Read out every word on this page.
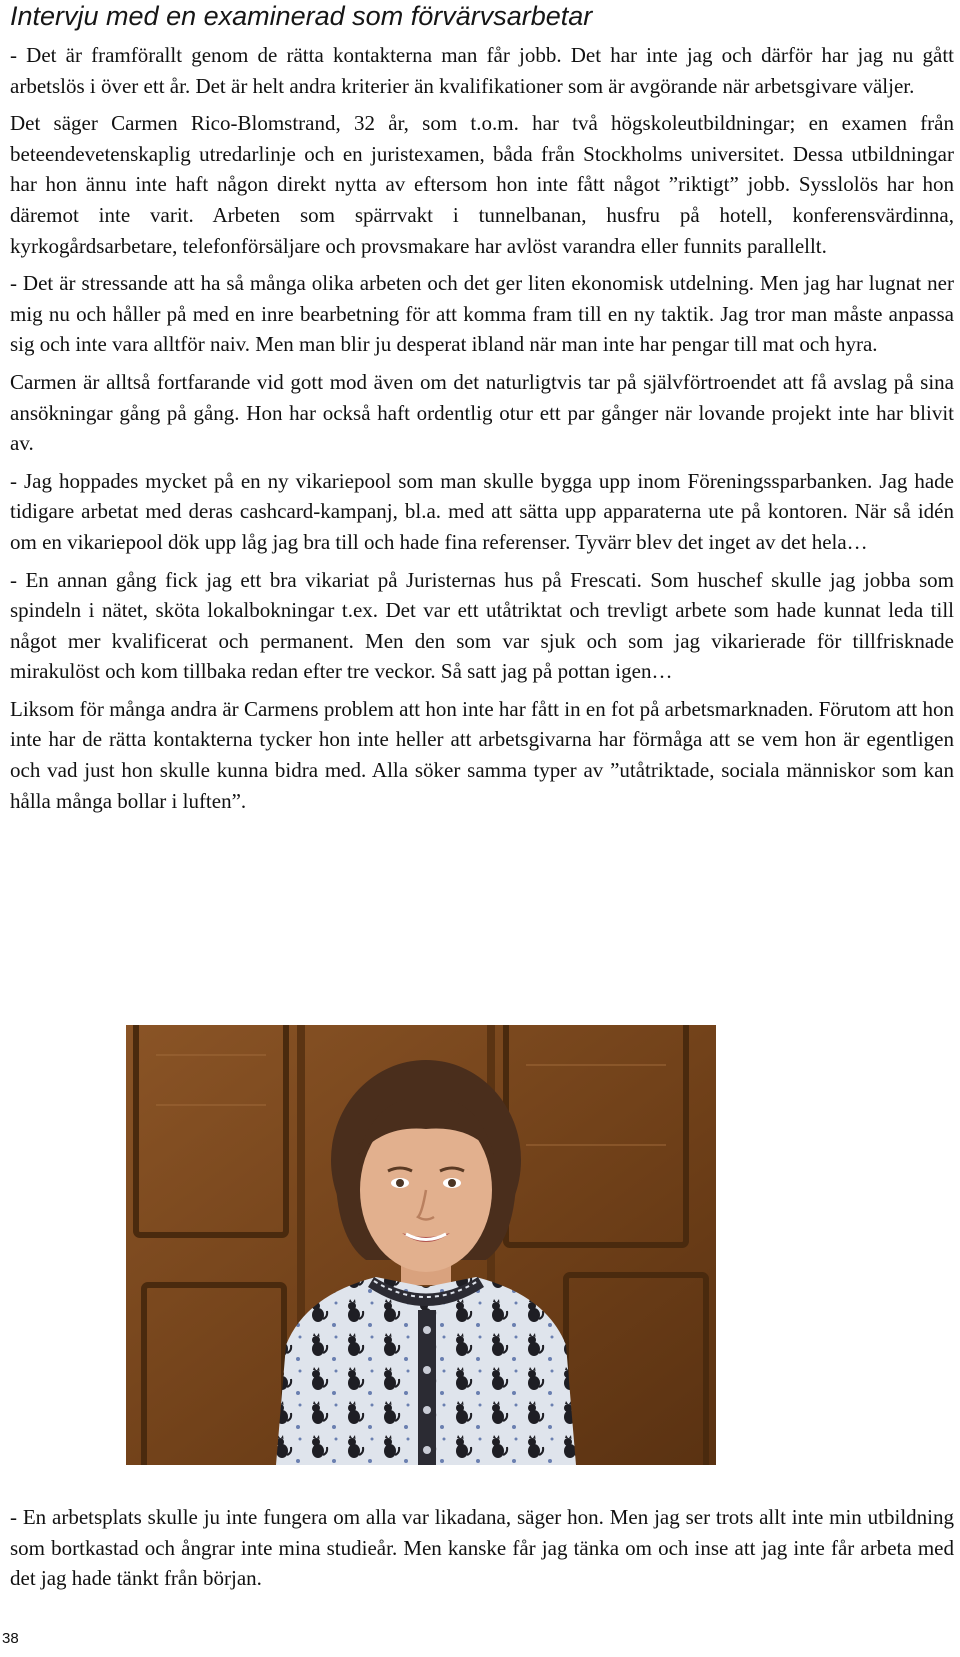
Intervju med en examinerad som förvärvsarbetar

- Det är framförallt genom de rätta kontakterna man får jobb. Det har inte jag och därför har jag nu gått arbetslös i över ett år. Det är helt andra kriterier än kvalifikationer som är avgörande när arbetsgivare väljer.

Det säger Carmen Rico-Blomstrand, 32 år, som t.o.m. har två högskoleutbildningar; en examen från beteendevetenskaplig utredarlinje och en juristexamen, båda från Stockholms universitet. Dessa utbildningar har hon ännu inte haft någon direkt nytta av eftersom hon inte fått något ”riktigt” jobb. Sysslolös har hon däremot inte varit. Arbeten som spärrvakt i tunnelbanan, husfru på hotell, konferensvärdinna, kyrkogårdsarbetare, telefonförsäljare och provsmakare har avlöst varandra eller funnits parallellt.

- Det är stressande att ha så många olika arbeten och det ger liten ekonomisk utdelning. Men jag har lugnat ner mig nu och håller på med en inre bearbetning för att komma fram till en ny taktik. Jag tror man måste anpassa sig och inte vara alltför naiv. Men man blir ju desperat ibland när man inte har pengar till mat och hyra.

Carmen är alltså fortfarande vid gott mod även om det naturligtvis tar på självförtroendet att få avslag på sina ansökningar gång på gång. Hon har också haft ordentlig otur ett par gånger när lovande projekt inte har blivit av.

- Jag hoppades mycket på en ny vikariepool som man skulle bygga upp inom Föreningssparbanken. Jag hade tidigare arbetat med deras cashcard-kampanj, bl.a. med att sätta upp apparaterna ute på kontoren. När så idén om en vikariepool dök upp låg jag bra till och hade fina referenser. Tyvärr blev det inget av det hela…

- En annan gång fick jag ett bra vikariat på Juristernas hus på Frescati. Som huschef skulle jag jobba som spindeln i nätet, sköta lokalbokningar t.ex. Det var ett utåtriktat och trevligt arbete som hade kunnat leda till något mer kvalificerat och permanent. Men den som var sjuk och som jag vikarierade för tillfrisknade mirakulöst och kom tillbaka redan efter tre veckor. Så satt jag på pottan igen…

Liksom för många andra är Carmens problem att hon inte har fått in en fot på arbetsmarknaden. Förutom att hon inte har de rätta kontakterna tycker hon inte heller att arbetsgivarna har förmåga att se vem hon är egentligen och vad just hon skulle kunna bidra med. Alla söker samma typer av ”utåtriktade, sociala människor som kan hålla många bollar i luften”.

- En arbetsplats skulle ju inte fungera om alla var likadana, säger hon. Men jag ser trots allt inte min utbildning som bortkastad och ångrar inte mina studieår. Men kanske får jag tänka om och inse att jag inte får arbeta med det jag hade tänkt från början.

38
